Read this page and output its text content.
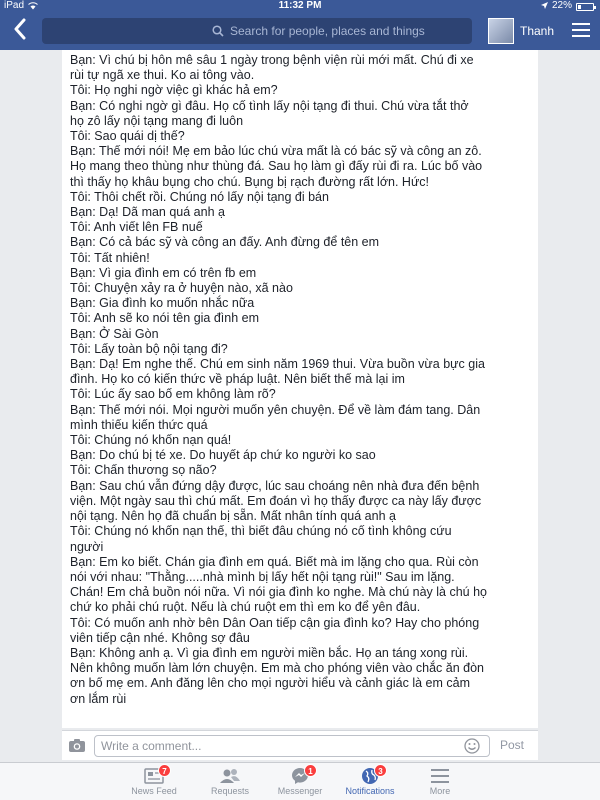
iPad	11:32 PM	22%
Search for people, places and things	Thanh
Bạn: Vì chú bị hôn mê sâu 1 ngày trong bệnh viện rùi mới mất. Chú đi xe
rùi tự ngã xe thui. Ko ai tông vào.
Tôi: Họ nghi ngờ việc gì khác hả em?
Bạn: Có nghi ngờ gì đâu. Họ cố tình lấy nội tạng đi thui. Chú vừa tắt thở
họ zô lấy nội tạng mang đi luôn
Tôi: Sao quái dị thế?
Bạn: Thế mới nói! Mẹ em bảo lúc chú vừa mất là có bác sỹ và công an zô.
Họ mang theo thùng như thùng đá. Sau họ làm gì đấy rùi đi ra. Lúc bố vào
thì thấy họ khâu bụng cho chú. Bụng bị rạch đường rất lớn. Hức!
Tôi: Thôi chết rồi. Chúng nó lấy nội tạng đi bán
Bạn: Dạ! Dã man quá anh ạ
Tôi: Anh viết lên FB nuế
Bạn: Có cả bác sỹ và công an đấy. Anh đừng để tên em
Tôi: Tất nhiên!
Bạn: Vì gia đình em có trên fb em
Tôi: Chuyện xảy ra ở huyện nào, xã nào
Bạn: Gia đình ko muốn nhắc nữa
Tôi: Anh sẽ ko nói tên gia đình em
Bạn: Ở Sài Gòn
Tôi: Lấy toàn bộ nội tạng đi?
Bạn: Dạ! Em nghe thế. Chú em sinh năm 1969 thui. Vừa buồn vừa bực gia
đình. Họ ko có kiến thức về pháp luật. Nên biết thế mà lại im
Tôi: Lúc ấy sao bố em không làm rõ?
Bạn: Thế mới nói. Mọi người muốn yên chuyện. Để về làm đám tang. Dân
mình thiếu kiến thức quá
Tôi: Chúng nó khốn nạn quá!
Bạn: Do chú bị té xe. Do huyết áp chứ ko người ko sao
Tôi: Chấn thương sọ não?
Bạn: Sau chú vẫn đứng dậy được, lúc sau choáng nên nhà đưa đến bệnh
viện. Một ngày sau thì chú mất. Em đoán vì họ thấy được ca này lấy được
nội tạng. Nên họ đã chuẩn bị sẵn. Mất nhân tính quá anh ạ
Tôi: Chúng nó khốn nạn thế, thì biết đâu chúng nó cố tình không cứu
người
Bạn: Em ko biết. Chán gia đình em quá. Biết mà im lặng cho qua. Rùi còn
nói với nhau: "Thằng.....nhà mình bị lấy hết nội tạng rùi!" Sau im lặng.
Chán! Em chả buồn nói nữa. Vì nói gia đình ko nghe. Mà chú này là chú họ
chứ ko phải chú ruột. Nếu là chú ruột em thì em ko để yên đâu.
Tôi: Có muốn anh nhờ bên Dân Oan tiếp cận gia đình ko? Hay cho phóng
viên tiếp cận nhé. Không sợ đâu
Bạn: Không anh ạ. Vì gia đình em người miền bắc. Họ an táng xong rùi.
Nên không muốn làm lớn chuyện. Em mà cho phóng viên vào chắc ăn đòn
ơn bố mẹ em. Anh đăng lên cho mọi người hiểu và cảnh giác là em cảm
ơn lắm rùi
Write a comment...	Post
7
News Feed	Requests
1
Messenger
3
Notifications	More
